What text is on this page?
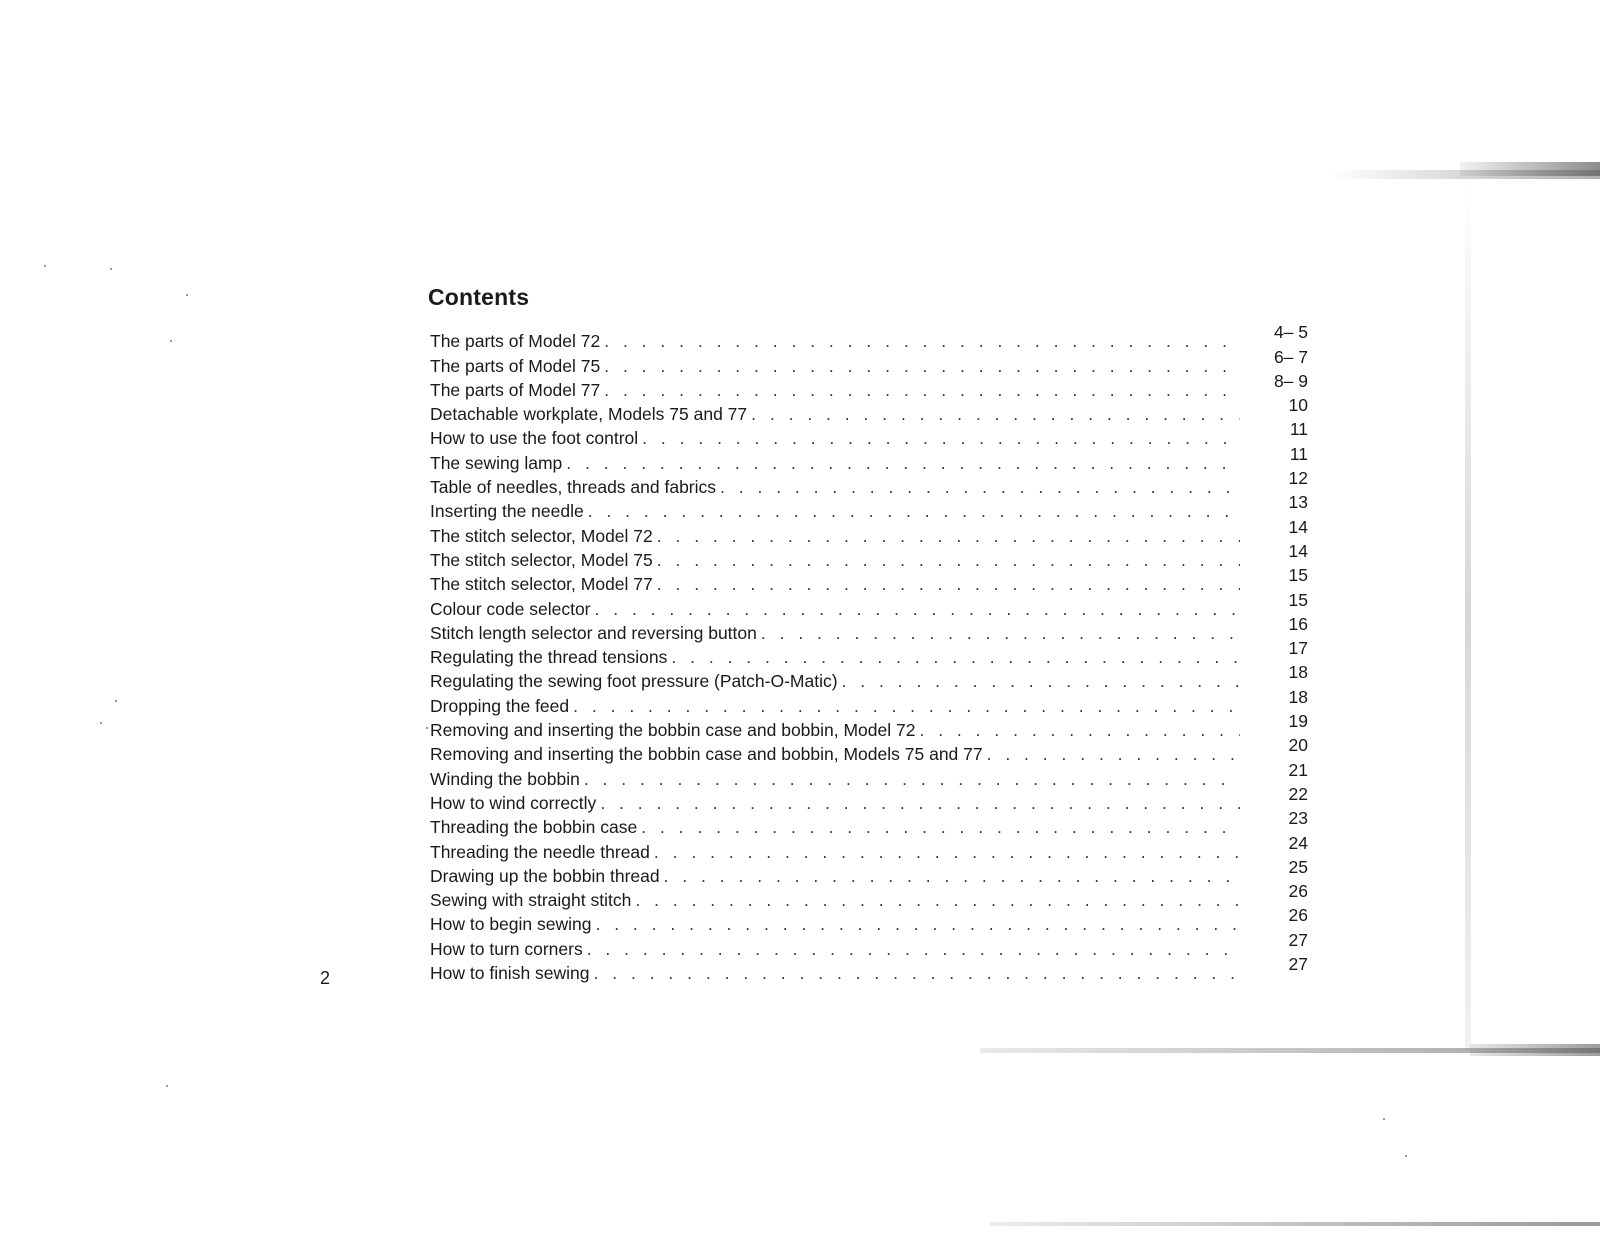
Contents
The parts of Model 72 . . .	4– 5
The parts of Model 75 . . .	6– 7
The parts of Model 77 . . .	8– 9
Detachable workplate, Models 75 and 77 . . .	10
How to use the foot control . . .	11
The sewing lamp . . .	11
Table of needles, threads and fabrics . . .	12
Inserting the needle . . .	13
The stitch selector, Model 72 . . .	14
The stitch selector, Model 75 . . .	14
The stitch selector, Model 77 . . .	15
Colour code selector . . .	15
Stitch length selector and reversing button . . .	16
Regulating the thread tensions . . .	17
Regulating the sewing foot pressure (Patch-O-Matic) . . .	18
Dropping the feed . . .	18
Removing and inserting the bobbin case and bobbin, Model 72 . . .	19
Removing and inserting the bobbin case and bobbin, Models 75 and 77 . . .	20
Winding the bobbin . . .	21
How to wind correctly . . .	22
Threading the bobbin case . . .	23
Threading the needle thread . . .	24
Drawing up the bobbin thread . . .	25
Sewing with straight stitch . . .	26
How to begin sewing . . .	26
How to turn corners . . .	27
How to finish sewing . . .	27
2
